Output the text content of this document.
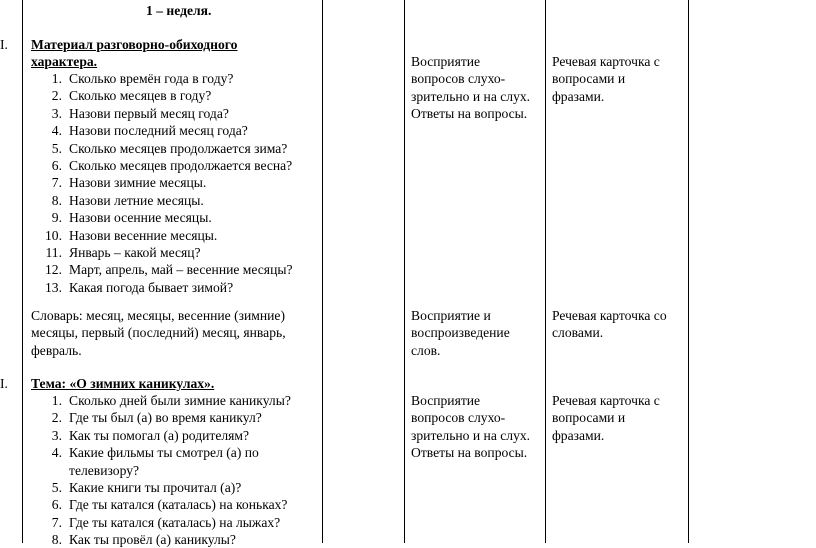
1 – неделя.
I.
I.
Материал разговорно-обиходного
характера.
1. Сколько времён года в году?
2. Сколько месяцев в году?
3. Назови первый месяц года?
4. Назови последний месяц года?
5. Сколько месяцев продолжается зима?
6. Сколько месяцев продолжается весна?
7. Назови зимние месяцы.
8. Назови летние месяцы.
9. Назови осенние месяцы.
10. Назови весенние месяцы.
11. Январь – какой месяц?
12. Март, апрель, май – весенние месяцы?
13. Какая погода бывает зимой?
Восприятие
вопросов слухо-
зрительно и на слух.
Ответы на вопросы.
Речевая карточка с
вопросами и
фразами.
Словарь: месяц, месяцы, весенние (зимние)
месяцы, первый (последний) месяц, январь,
февраль.
Восприятие и
воспроизведение
слов.
Речевая карточка со
словами.
Тема: «О зимних каникулах».
1. Сколько дней были зимние каникулы?
2. Где ты был (а) во время каникул?
3. Как ты помогал (а) родителям?
4. Какие фильмы ты смотрел (а) по
телевизору?
5. Какие книги ты прочитал (а)?
6. Где ты катался (каталась) на коньках?
7. Где ты катался (каталась) на лыжах?
8. Как ты провёл (а) каникулы?
Восприятие
вопросов слухо-
зрительно и на слух.
Ответы на вопросы.
Речевая карточка с
вопросами и
фразами.
